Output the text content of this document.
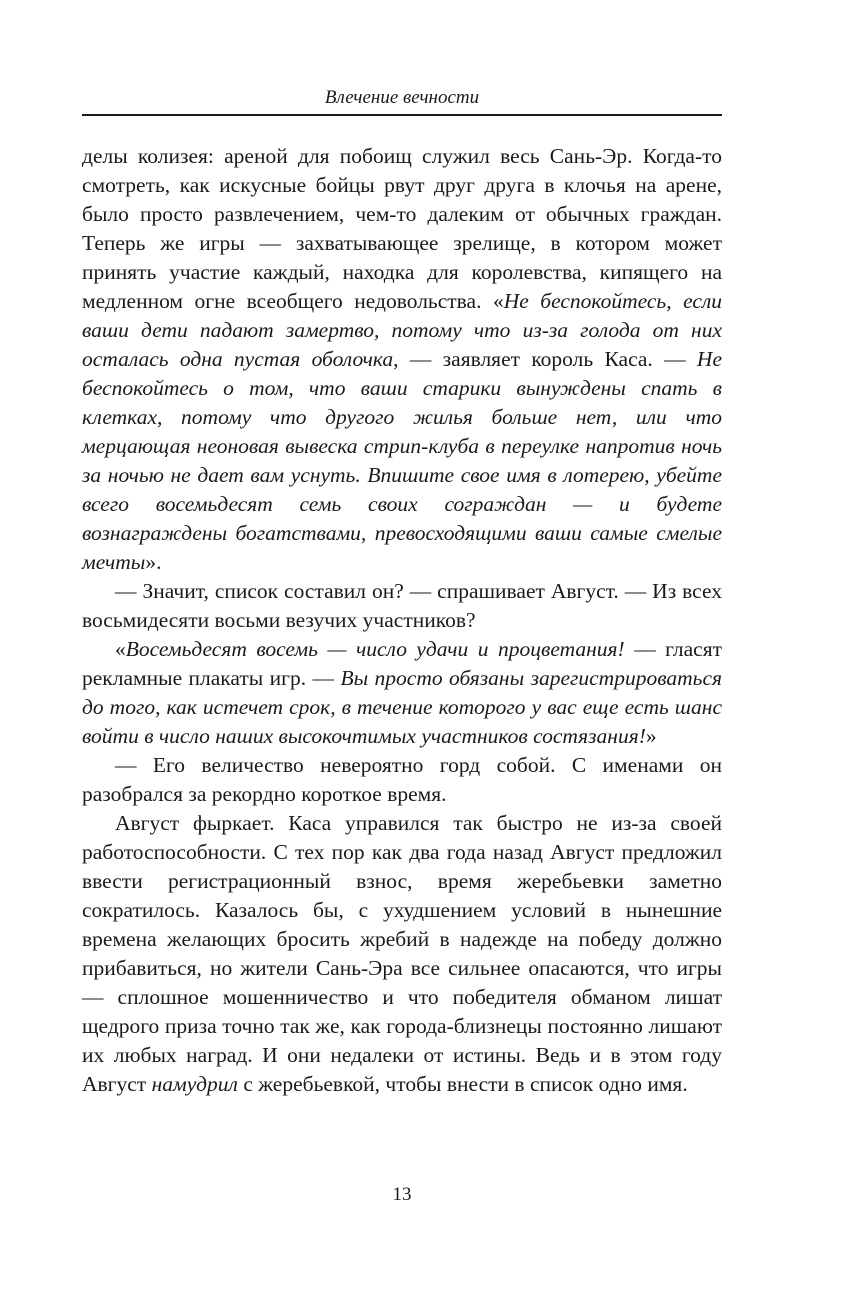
Влечение вечности

делы колизея: ареной для побоищ служил весь Сань-Эр. Когда-то смотреть, как искусные бойцы рвут друг друга в клочья на арене, было просто развлечением, чем-то далеким от обычных граждан. Теперь же игры — захватывающее зрелище, в котором может принять участие каждый, находка для королевства, кипящего на медленном огне всеобщего недовольства. «Не беспокойтесь, если ваши дети падают замертво, потому что из-за голода от них осталась одна пустая оболочка, — заявляет король Каса. — Не беспокойтесь о том, что ваши старики вынуждены спать в клетках, потому что другого жилья больше нет, или что мерцающая неоновая вывеска стрип-клуба в переулке напротив ночь за ночью не дает вам уснуть. Впишите свое имя в лотерею, убейте всего восемьдесят семь своих сограждан — и будете вознаграждены богатствами, превосходящими ваши самые смелые мечты».

— Значит, список составил он? — спрашивает Август. — Из всех восьмидесяти восьми везучих участников?

«Восемьдесят восемь — число удачи и процветания! — гласят рекламные плакаты игр. — Вы просто обязаны зарегистрироваться до того, как истечет срок, в течение которого у вас еще есть шанс войти в число наших высокочтимых участников состязания!»

— Его величество невероятно горд собой. С именами он разобрался за рекордно короткое время.

Август фыркает. Каса управился так быстро не из-за своей работоспособности. С тех пор как два года назад Август предложил ввести регистрационный взнос, время жеребьевки заметно сократилось. Казалось бы, с ухудшением условий в нынешние времена желающих бросить жребий в надежде на победу должно прибавиться, но жители Сань-Эра все сильнее опасаются, что игры — сплошное мошенничество и что победителя обманом лишат щедрого приза точно так же, как города-близнецы постоянно лишают их любых наград. И они недалеки от истины. Ведь и в этом году Август намудрил с жеребьевкой, чтобы внести в список одно имя.

13
